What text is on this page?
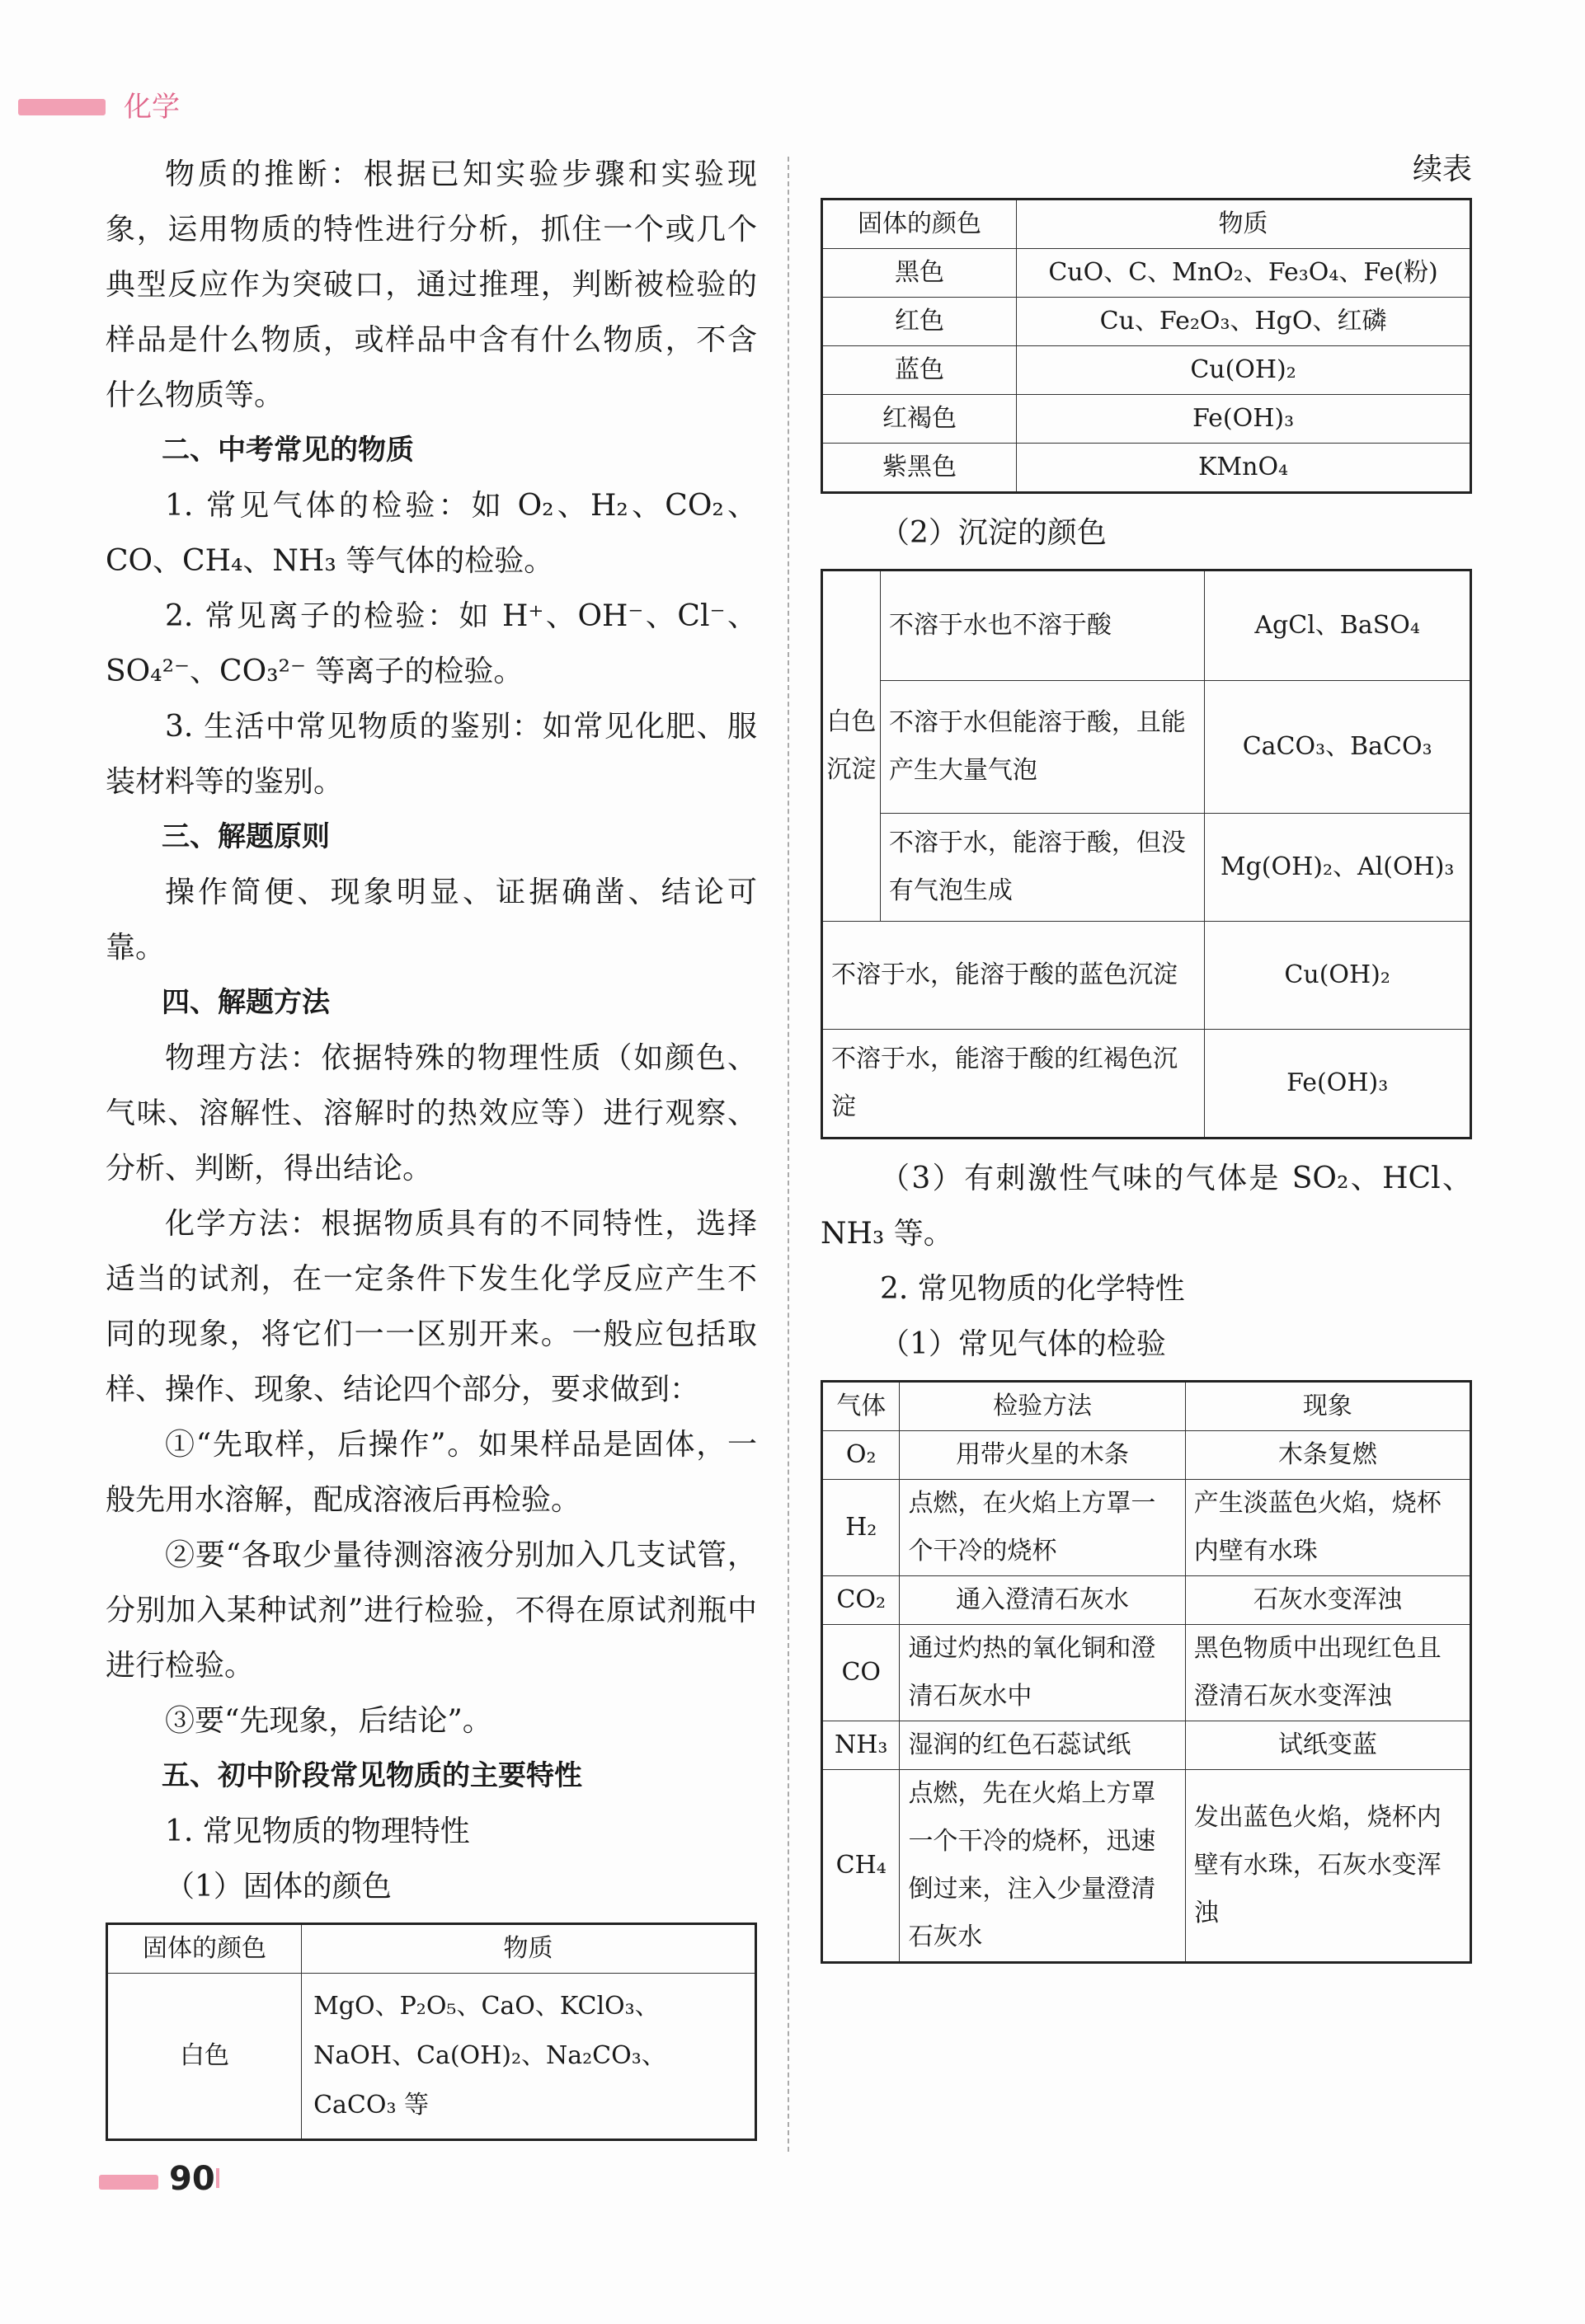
化学

物质的推断：根据已知实验步骤和实验现象，运用物质的特性进行分析，抓住一个或几个典型反应作为突破口，通过推理，判断被检验的样品是什么物质，或样品中含有什么物质，不含什么物质等。

二、中考常见的物质

1. 常见气体的检验：如 O₂、H₂、CO₂、CO、CH₄、NH₃ 等气体的检验。

2. 常见离子的检验：如 H⁺、OH⁻、Cl⁻、SO₄²⁻、CO₃²⁻ 等离子的检验。

3. 生活中常见物质的鉴别：如常见化肥、服装材料等的鉴别。

三、解题原则

操作简便、现象明显、证据确凿、结论可靠。

四、解题方法

物理方法：依据特殊的物理性质（如颜色、气味、溶解性、溶解时的热效应等）进行观察、分析、判断，得出结论。

化学方法：根据物质具有的不同特性，选择适当的试剂，在一定条件下发生化学反应产生不同的现象，将它们一一区别开来。一般应包括取样、操作、现象、结论四个部分，要求做到：

①“先取样，后操作”。如果样品是固体，一般先用水溶解，配成溶液后再检验。

②要“各取少量待测溶液分别加入几支试管，分别加入某种试剂”进行检验，不得在原试剂瓶中进行检验。

③要“先现象，后结论”。

五、初中阶段常见物质的主要特性
1. 常见物质的物理特性
（1）固体的颜色
固体的颜色	物质
白色	MgO、P₂O₅、CaO、KClO₃、NaOH、Ca(OH)₂、Na₂CO₃、CaCO₃ 等
续表
固体的颜色	物质
黑色	CuO、C、MnO₂、Fe₃O₄、Fe(粉)
红色	Cu、Fe₂O₃、HgO、红磷
蓝色	Cu(OH)₂
红褐色	Fe(OH)₃
紫黑色	KMnO₄
（2）沉淀的颜色
白色沉淀	不溶于水也不溶于酸	AgCl、BaSO₄
	不溶于水但能溶于酸，且能产生大量气泡	CaCO₃、BaCO₃
	不溶于水，能溶于酸，但没有气泡生成	Mg(OH)₂、Al(OH)₃
不溶于水，能溶于酸的蓝色沉淀		Cu(OH)₂
不溶于水，能溶于酸的红褐色沉淀		Fe(OH)₃

（3）有刺激性气味的气体是 SO₂、HCl、NH₃ 等。

2. 常见物质的化学特性
（1）常见气体的检验
气体	检验方法	现象
O₂	用带火星的木条	木条复燃
H₂	点燃，在火焰上方罩一个干冷的烧杯	产生淡蓝色火焰，烧杯内壁有水珠
CO₂	通入澄清石灰水	石灰水变浑浊
CO	通过灼热的氧化铜和澄清石灰水中	黑色物质中出现红色且澄清石灰水变浑浊
NH₃	湿润的红色石蕊试纸	试纸变蓝
CH₄	点燃，先在火焰上方罩一个干冷的烧杯，迅速倒过来，注入少量澄清石灰水	发出蓝色火焰，烧杯内壁有水珠，石灰水变浑浊
90
